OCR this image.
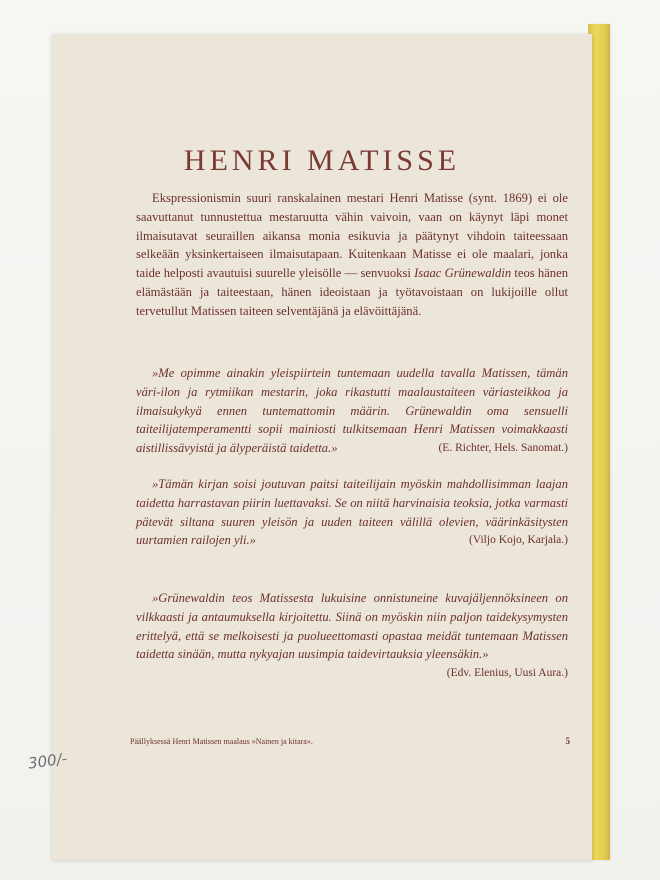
HENRI MATISSE

Ekspressionismin suuri ranskalainen mestari Henri Matisse (synt. 1869) ei ole saavuttanut tunnustettua mestaruutta vähin vaivoin, vaan on käynyt läpi monet ilmaisutavat seuraillen aikansa monia esikuvia ja päätynyt vihdoin taiteessaan selkeään yksinkertaiseen ilmaisutapaan. Kuitenkaan Matisse ei ole maalari, jonka taide helposti avautuisi suurelle yleisölle — senvuoksi Isaac Grünewaldin teos hänen elämästään ja taiteestaan, hänen ideoistaan ja työtavoistaan on lukijoille ollut tervetullut Matissen taiteen selventäjänä ja elävöittäjänä.

»Me opimme ainakin yleispiirtein tuntemaan uudella tavalla Matissen, tämän väri-ilon ja rytmiikan mestarin, joka rikastutti maalaustaiteen väriasteikkoa ja ilmaisukykyä ennen tuntemattomin määrin. Grünewaldin oma sensuelli taiteilijatemperamentti sopii mainiosti tulkitsemaan Henri Matissen voimakkaasti aistillissävyistä ja älyperäistä taidetta.»	(E. Richter, Hels. Sanomat.)

»Tämän kirjan soisi joutuvan paitsi taiteilijain myöskin mahdollisimman laajan taidetta harrastavan piirin luettavaksi. Se on niitä harvinaisia teoksia, jotka varmasti pätevät siltana suuren yleisön ja uuden taiteen välillä olevien, väärinkäsitysten uurtamien railojen yli.»	(Viljo Kojo, Karjala.)

»Grünewaldin teos Matissesta lukuisine onnistuneine kuvajäljennöksineen on vilkkaasti ja antaumuksella kirjoitettu. Siinä on myöskin niin paljon taidekysymysten erittelyä, että se melkoisesti ja puolueettomasti opastaa meidät tuntemaan Matissen taidetta sinään, mutta nykyajan uusimpia taidevirtauksia yleensäkin.»
(Edv. Elenius, Uusi Aura.)

Päällyksessä Henri Matissen maalaus »Nainen ja kitara».	5
300/-
